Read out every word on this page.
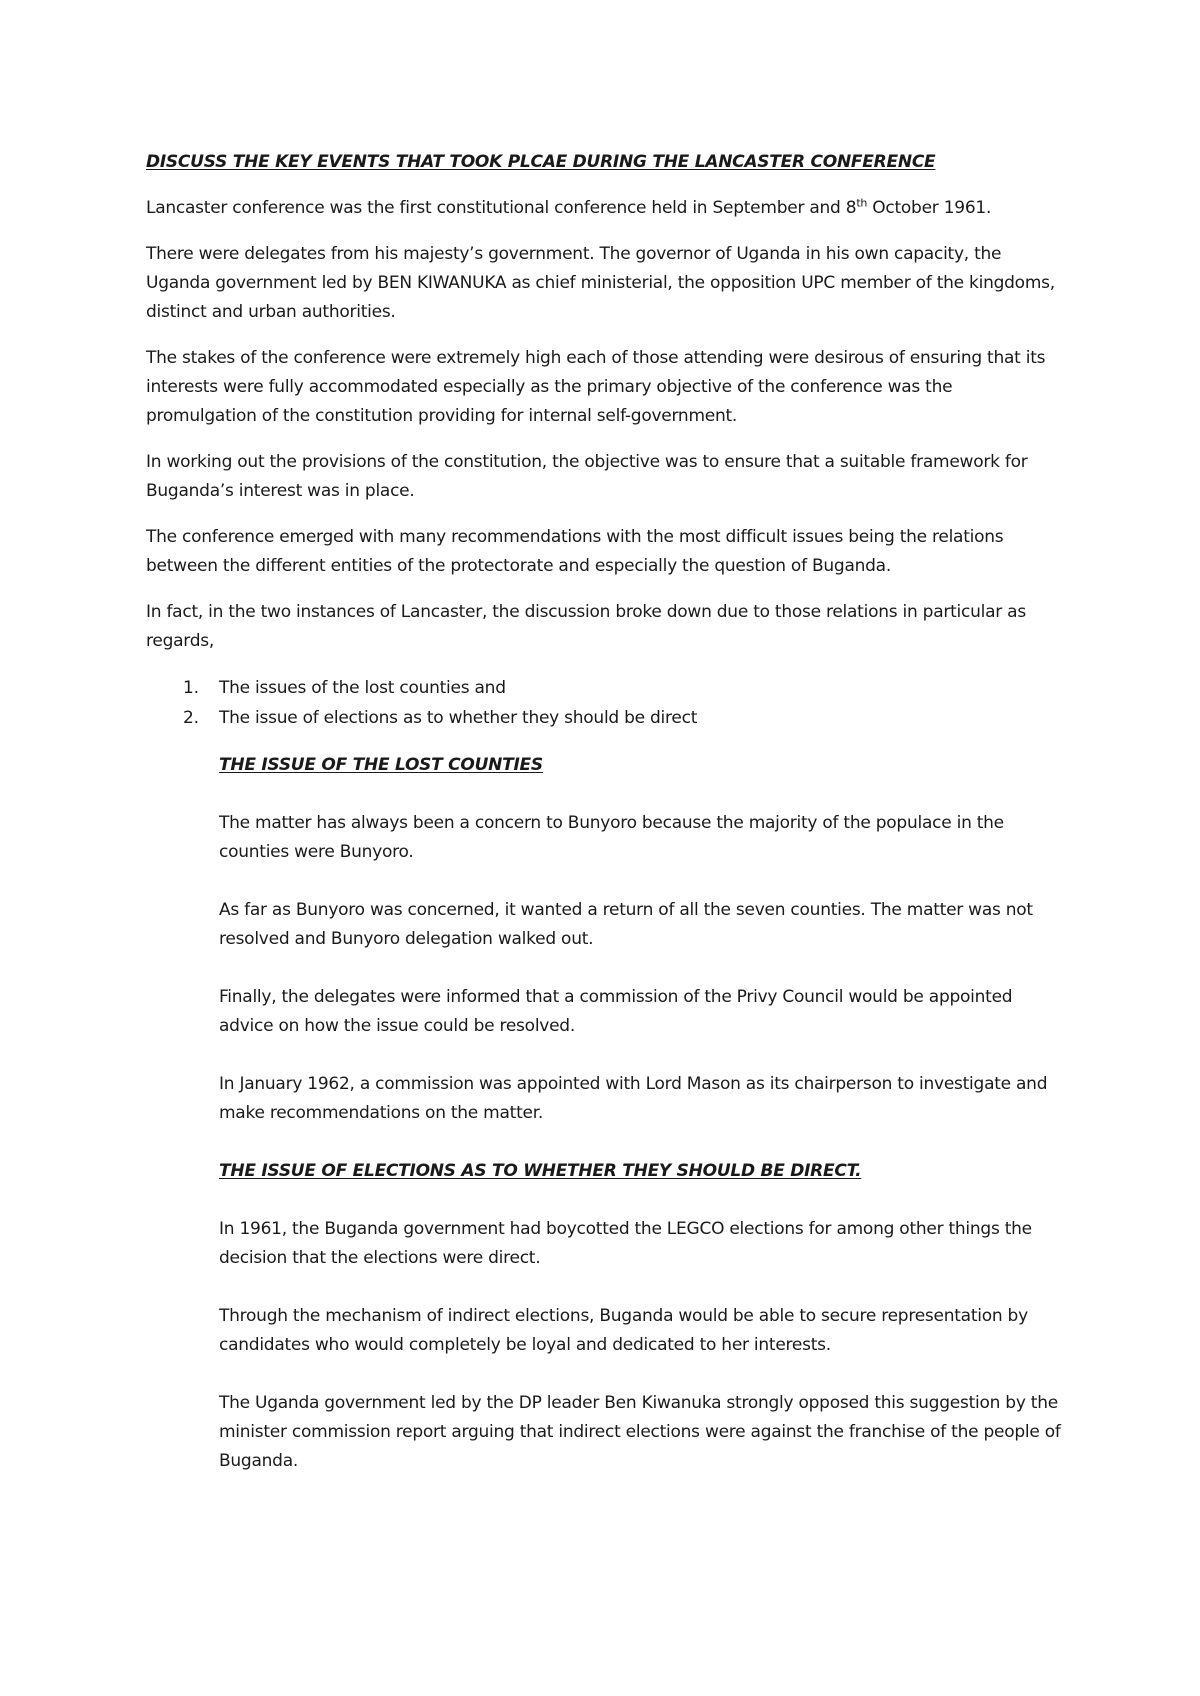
DISCUSS THE KEY EVENTS THAT TOOK PLCAE DURING THE LANCASTER CONFERENCE

Lancaster conference was the first constitutional conference held in September and 8th October 1961.

There were delegates from his majesty’s government. The governor of Uganda in his own capacity, the Uganda government led by BEN KIWANUKA as chief ministerial, the opposition UPC member of the kingdoms, distinct and urban authorities.

The stakes of the conference were extremely high each of those attending were desirous of ensuring that its interests were fully accommodated especially as the primary objective of the conference was the promulgation of the constitution providing for internal self-government.

In working out the provisions of the constitution, the objective was to ensure that a suitable framework for Buganda’s interest was in place.

The conference emerged with many recommendations with the most difficult issues being the relations between the different entities of the protectorate and especially the question of Buganda.

In fact, in the two instances of Lancaster, the discussion broke down due to those relations in particular as regards,

1. The issues of the lost counties and
2. The issue of elections as to whether they should be direct
THE ISSUE OF THE LOST COUNTIES

The matter has always been a concern to Bunyoro because the majority of the populace in the counties were Bunyoro.

As far as Bunyoro was concerned, it wanted a return of all the seven counties. The matter was not resolved and Bunyoro delegation walked out.

Finally, the delegates were informed that a commission of the Privy Council would be appointed advice on how the issue could be resolved.

In January 1962, a commission was appointed with Lord Mason as its chairperson to investigate and make recommendations on the matter.

THE ISSUE OF ELECTIONS AS TO WHETHER THEY SHOULD BE DIRECT.

In 1961, the Buganda government had boycotted the LEGCO elections for among other things the decision that the elections were direct.

Through the mechanism of indirect elections, Buganda would be able to secure representation by candidates who would completely be loyal and dedicated to her interests.

The Uganda government led by the DP leader Ben Kiwanuka strongly opposed this suggestion by the minister commission report arguing that indirect elections were against the franchise of the people of Buganda.
